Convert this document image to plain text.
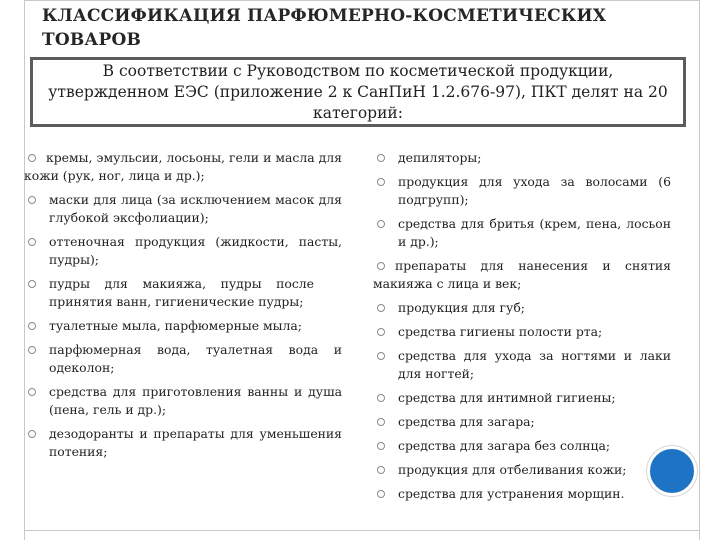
КЛАССИФИКАЦИЯ ПАРФЮМЕРНО-КОСМЕТИЧЕСКИХ ТОВАРОВ

В соответствии с Руководством по косметической продукции, утвержденном ЕЭС (приложение 2 к СанПиН 1.2.676-97), ПКТ делят на 20 категорий:

кремы, эмульсии, лосьоны, гели и масла для кожи (рук, ног, лица и др.);
маски для лица (за исключением масок для глубокой эксфолиации);
оттеночная продукция (жидкости, пасты, пудры);
пудры для макияжа, пудры после принятия ванн, гигиенические пудры;
туалетные мыла, парфюмерные мыла;
парфюмерная вода, туалетная вода и одеколон;
средства для приготовления ванны и душа (пена, гель и др.);
дезодоранты и препараты для уменьшения потения;
депиляторы;
продукция для ухода за волосами (6 подгрупп);
средства для бритья (крем, пена, лосьон и др.);
препараты для нанесения и снятия макияжа с лица и век;
продукция для губ;
средства гигиены полости рта;
средства для ухода за ногтями и лаки для ногтей;
средства для интимной гигиены;
средства для загара;
средства для загара без солнца;
продукция для отбеливания кожи;
средства для устранения морщин.
